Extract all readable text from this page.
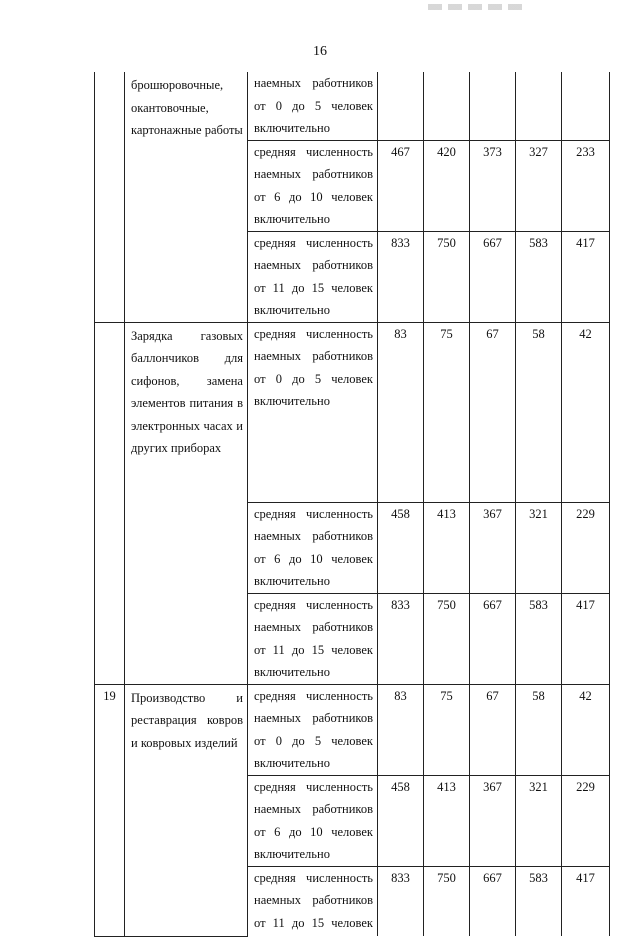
16
	брошюровочные, окантовочные, картонажные работы	наемных работников
от 0 до 5 человек
включительно					

		средняя численность
наемных работников
от 6 до 10 человек
включительно	467	420	373	327	233

		средняя численность
наемных работников
от 11 до 15 человек
включительно	833	750	667	583	417
	Зарядка газовых баллончиков для сифонов, замена элементов питания в электронных часах и других приборах	средняя численность
наемных работников
от 0 до 5 человек
включительно	83	75	67	58	42

		средняя численность
наемных работников
от 6 до 10 человек
включительно	458	413	367	321	229

		средняя численность
наемных работников
от 11 до 15 человек
включительно	833	750	667	583	417
19	Производство и реставрация ковров и ковровых изделий	средняя численность
наемных работников
от 0 до 5 человек
включительно	83	75	67	58	42

		средняя численность
наемных работников
от 6 до 10 человек
включительно	458	413	367	321	229

		средняя численность
наемных работников
от 11 до 15 человек	833	750	667	583	417
